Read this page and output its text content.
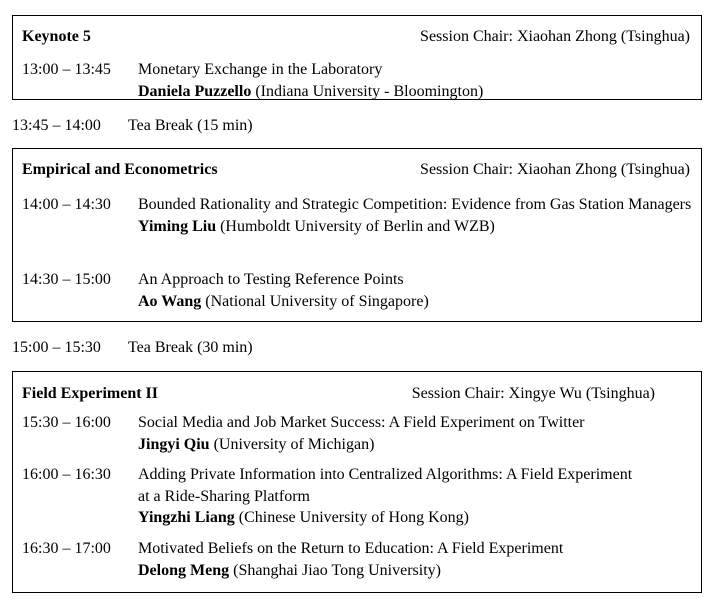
Keynote 5	Session Chair: Xiaohan Zhong (Tsinghua)
13:00 – 13:45 Monetary Exchange in the Laboratory
Daniela Puzzello (Indiana University - Bloomington)
13:45 – 14:00 Tea Break (15 min)
Empirical and Econometrics	Session Chair: Xiaohan Zhong (Tsinghua)
14:00 – 14:30 Bounded Rationality and Strategic Competition: Evidence from Gas Station Managers
Yiming Liu (Humboldt University of Berlin and WZB)
14:30 – 15:00 An Approach to Testing Reference Points
Ao Wang (National University of Singapore)
15:00 – 15:30 Tea Break (30 min)
Field Experiment II	Session Chair: Xingye Wu (Tsinghua)
15:30 – 16:00 Social Media and Job Market Success: A Field Experiment on Twitter
Jingyi Qiu (University of Michigan)
16:00 – 16:30 Adding Private Information into Centralized Algorithms: A Field Experiment at a Ride-Sharing Platform
Yingzhi Liang (Chinese University of Hong Kong)
16:30 – 17:00 Motivated Beliefs on the Return to Education: A Field Experiment
Delong Meng (Shanghai Jiao Tong University)
